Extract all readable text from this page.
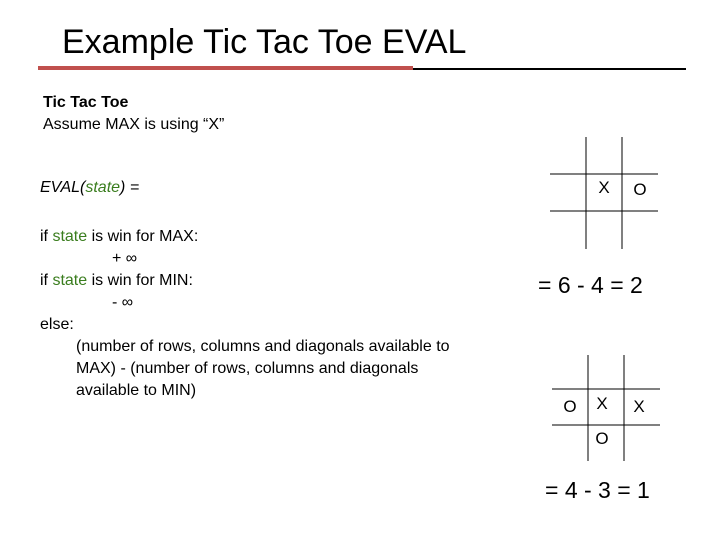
Example Tic Tac Toe EVAL
Tic Tac Toe
Assume MAX is using “X”
EVAL(state) =
if state is win for MAX:
+ ∞
if state is win for MIN:
- ∞
else:
(number of rows, columns and diagonals available to
MAX) - (number of rows, columns and diagonals
available to MIN)
X	O
= 6 - 4 = 2
O	X	X
O
= 4 - 3 = 1
